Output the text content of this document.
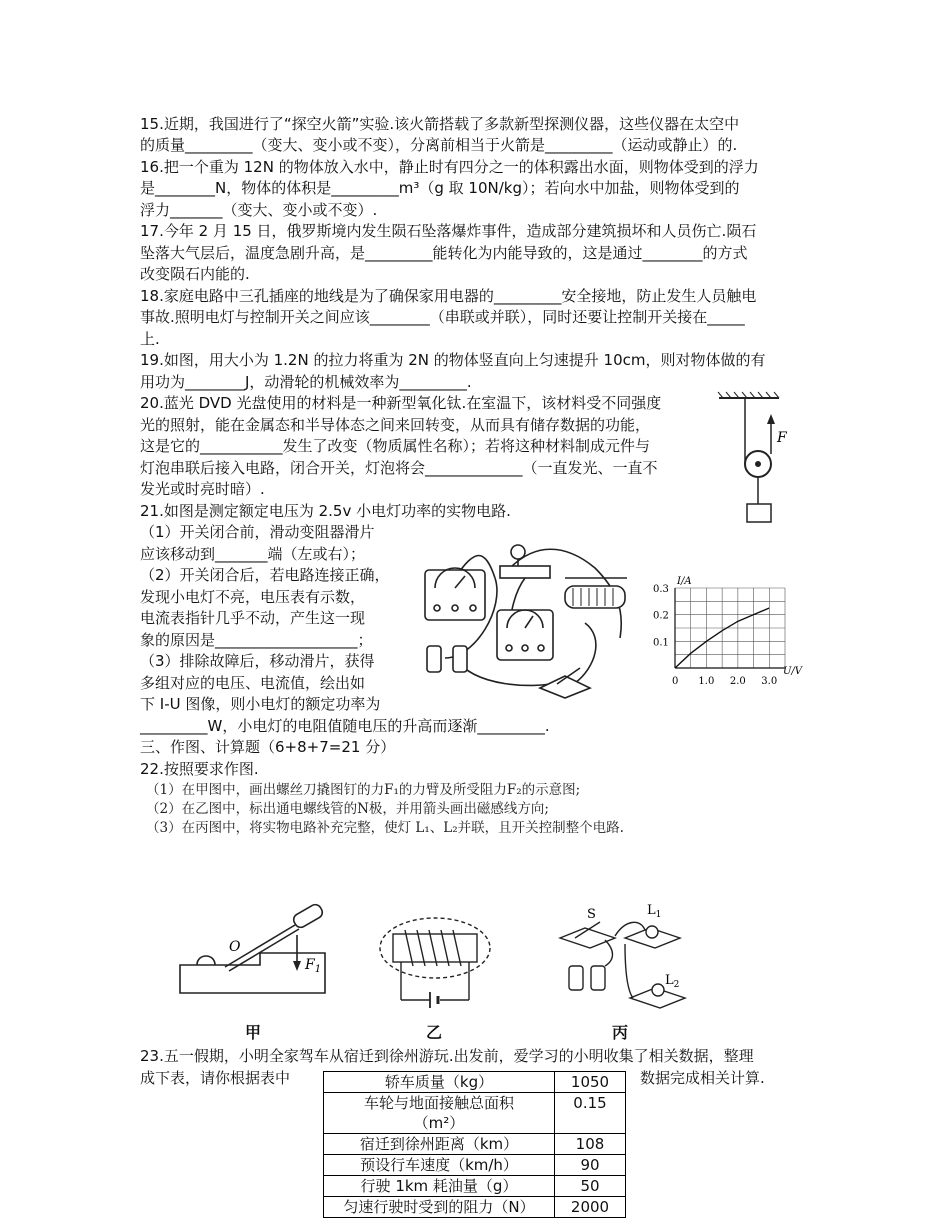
15.近期，我国进行了“探空火箭”实验.该火箭搭载了多款新型探测仪器，这些仪器在太空中
的质量_________（变大、变小或不变），分离前相当于火箭是_________（运动或静止）的.
16.把一个重为 12N 的物体放入水中，静止时有四分之一的体积露出水面，则物体受到的浮力
是________N，物体的体积是_________m³（g 取 10N/kg）；若向水中加盐，则物体受到的
浮力_______（变大、变小或不变）.
17.今年 2 月 15 日，俄罗斯境内发生陨石坠落爆炸事件，造成部分建筑损坏和人员伤亡.陨石
坠落大气层后，温度急剧升高，是_________能转化为内能导致的，这是通过________的方式
改变陨石内能的.
18.家庭电路中三孔插座的地线是为了确保家用电器的_________安全接地，防止发生人员触电
事故.照明电灯与控制开关之间应该________（串联或并联），同时还要让控制开关接在_____
上.
19.如图，用大小为 1.2N 的拉力将重为 2N 的物体竖直向上匀速提升 10cm，则对物体做的有
用功为________J，动滑轮的机械效率为_________.
20.蓝光 DVD 光盘使用的材料是一种新型氧化钛.在室温下，该材料受不同强度
光的照射，能在金属态和半导体态之间来回转变，从而具有储存数据的功能，
这是它的___________发生了改变（物质属性名称）；若将这种材料制成元件与
灯泡串联后接入电路，闭合开关，灯泡将会_____________（一直发光、一直不
发光或时亮时暗）.
21.如图是测定额定电压为 2.5v 小电灯功率的实物电路.
（1）开关闭合前，滑动变阻器滑片
应该移动到_______端（左或右）；
（2）开关闭合后，若电路连接正确，
发现小电灯不亮，电压表有示数，
电流表指针几乎不动，产生这一现
象的原因是___________________；
（3）排除故障后，移动滑片，获得
多组对应的电压、电流值，绘出如
下 I-U 图像，则小电灯的额定功率为
_________W，小电灯的电阻值随电压的升高而逐渐_________.
三、作图、计算题（6+8+7=21 分）
22.按照要求作图.
（1）在甲图中，画出螺丝刀撬图钉的力F₁的力臂及所受阻力F₂的示意图;
（2）在乙图中，标出通电螺线管的N极，并用箭头画出磁感线方向;
（3）在丙图中，将实物电路补充完整，使灯 L₁、L₂并联，且开关控制整个电路.
23.五一假期，小明全家驾车从宿迁到徐州游玩.出发前，爱学习的小明收集了相关数据，整理
成下表，请你根据表中	数据完成相关计算.
F
I/A
U/V
0.3
0.2
0.1
0 1.0 2.0 3.0
O
$F_1$
S	$L_1$
$L_2$
甲	乙	丙
轿车质量（kg）	1050

车轮与地面接触总面积
（m²）	0.15
宿迁到徐州距离（km）	108
预设行车速度（km/h）	90
行驶 1km 耗油量（g）	50
匀速行驶时受到的阻力（N）	2000
